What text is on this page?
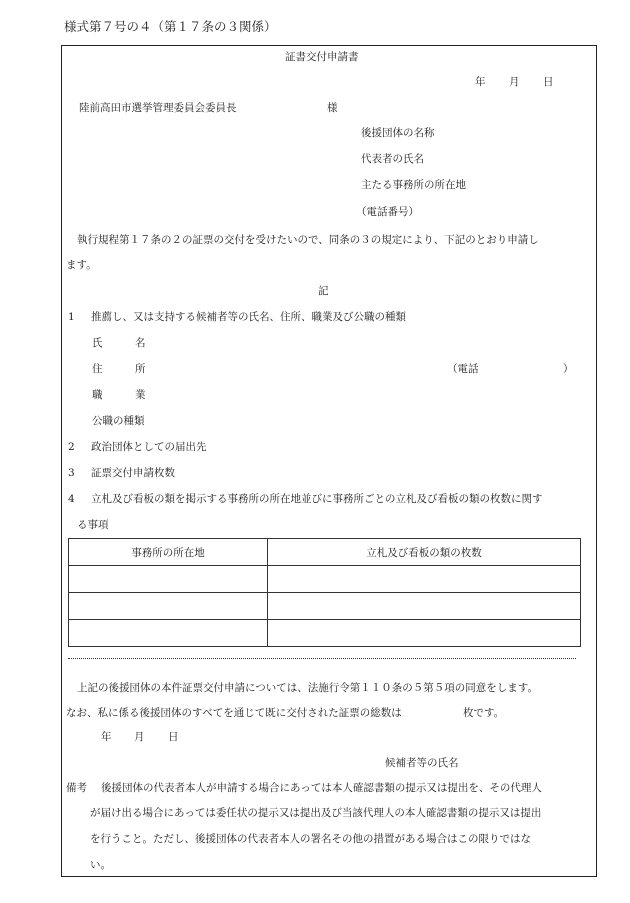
様式第７号の４（第１７条の３関係）
証書交付申請書
年 月 日
陸前高田市選挙管理委員会委員長	様
後援団体の名称
代表者の氏名
主たる事務所の所在地
（電話番号）
執行規程第１７条の２の証票の交付を受けたいので、同条の３の規定により、下記のとおり申請し
ます。
記
1 推薦し、又は支持する候補者等の氏名、住所、職業及び公職の種類
氏	名
住	所	（電話	）
職	業
公職の種類
2 政治団体としての届出先
3 証票交付申請枚数
4 立札及び看板の類を掲示する事務所の所在地並びに事務所ごとの立札及び看板の類の枚数に関す
る事項
事務所の所在地	立札及び看板の類の枚数

上記の後援団体の本件証票交付申請については、法施行令第１１０条の５第５項の同意をします。
なお、私に係る後援団体のすべてを通じて既に交付された証票の総数は	枚です。
年 月 日
候補者等の氏名
備考 後援団体の代表者本人が申請する場合にあっては本人確認書類の提示又は提出を、その代理人
が届け出る場合にあっては委任状の提示又は提出及び当該代理人の本人確認書類の提示又は提出
を行うこと。ただし、後援団体の代表者本人の署名その他の措置がある場合はこの限りではな
い。
